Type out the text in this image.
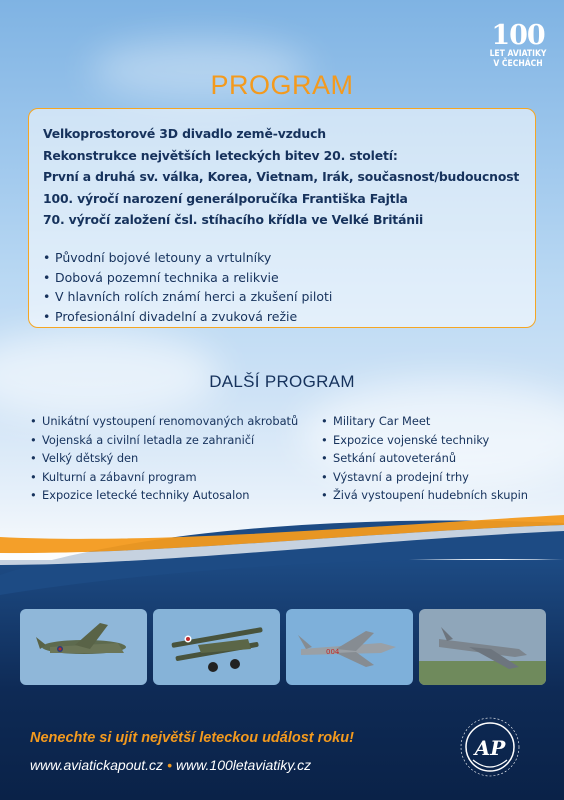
100
LET AVIATIKY
V ČECHÁCH
PROGRAM
Velkoprostorové 3D divadlo země-vzduch
Rekonstrukce největších leteckých bitev 20. století:
První a druhá sv. válka, Korea, Vietnam, Irák, současnost/budoucnost
100. výročí narození generálporučíka Františka Fajtla
70. výročí založení čsl. stíhacího křídla ve Velké Británii
• Původní bojové letouny a vrtulníky
• Dobová pozemní technika a relikvie
• V hlavních rolích známí herci a zkušení piloti
• Profesionální divadelní a zvuková režie
DALŠÍ PROGRAM
• Unikátní vystoupení renomovaných akrobatů
• Vojenská a civilní letadla ze zahraničí
• Velký dětský den
• Kulturní a zábavní program
• Expozice letecké techniky Autosalon
• Military Car Meet
• Expozice vojenské techniky
• Setkání autoveteránů
• Výstavní a prodejní trhy
• Živá vystoupení hudebních skupin
004
Nenechte si ujít největší leteckou událost roku!
www.aviatickapout.cz • www.100letaviatiky.cz
AP
